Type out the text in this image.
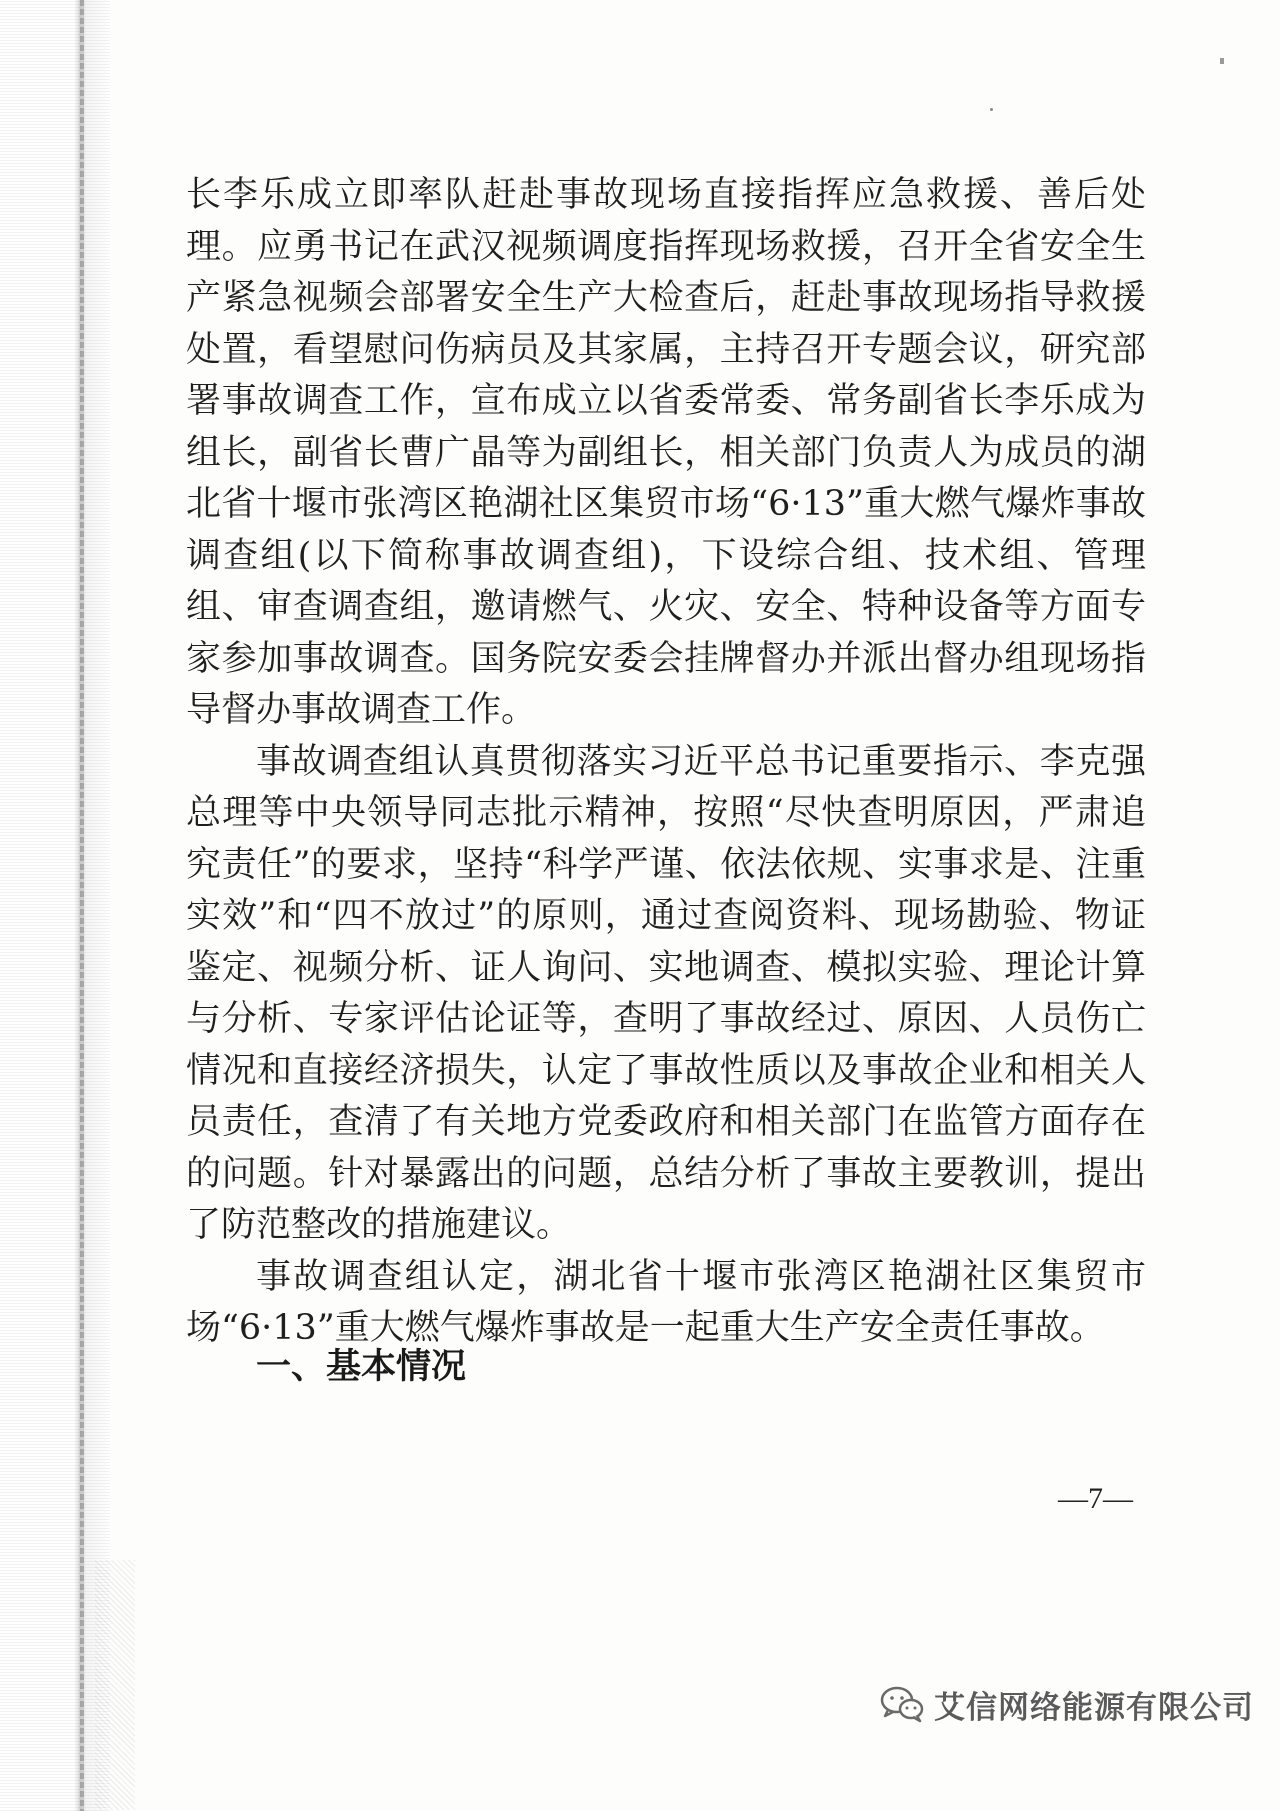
长李乐成立即率队赶赴事故现场直接指挥应急救援、善后处理。应勇书记在武汉视频调度指挥现场救援，召开全省安全生产紧急视频会部署安全生产大检查后，赶赴事故现场指导救援处置，看望慰问伤病员及其家属，主持召开专题会议，研究部署事故调查工作，宣布成立以省委常委、常务副省长李乐成为组长，副省长曹广晶等为副组长，相关部门负责人为成员的湖北省十堰市张湾区艳湖社区集贸市场“6·13”重大燃气爆炸事故调查组(以下简称事故调查组)，下设综合组、技术组、管理组、审查调查组，邀请燃气、火灾、安全、特种设备等方面专家参加事故调查。国务院安委会挂牌督办并派出督办组现场指导督办事故调查工作。

事故调查组认真贯彻落实习近平总书记重要指示、李克强总理等中央领导同志批示精神，按照“尽快查明原因，严肃追究责任”的要求，坚持“科学严谨、依法依规、实事求是、注重实效”和“四不放过”的原则，通过查阅资料、现场勘验、物证鉴定、视频分析、证人询问、实地调查、模拟实验、理论计算与分析、专家评估论证等，查明了事故经过、原因、人员伤亡情况和直接经济损失，认定了事故性质以及事故企业和相关人员责任，查清了有关地方党委政府和相关部门在监管方面存在的问题。针对暴露出的问题，总结分析了事故主要教训，提出了防范整改的措施建议。

事故调查组认定，湖北省十堰市张湾区艳湖社区集贸市场“6·13”重大燃气爆炸事故是一起重大生产安全责任事故。

一、基本情况
—7—
艾信网络能源有限公司
